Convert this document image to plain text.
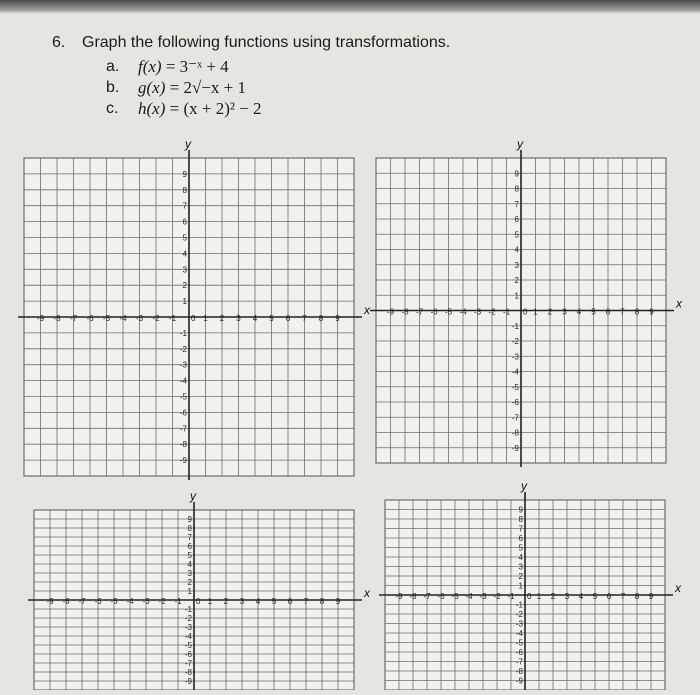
6.	Graph the following functions using transformations.
a.	f(x) = 3⁻ˣ + 4
b.	g(x) = 2√−x + 1
c.	h(x) = (x + 2)² − 2
x
y
-9
-9
-8
-8
-7
-7
-6
-6
-5
-5
-4
-4
-3
-3
-2
-2
-1
-1
1
1
2
2
3
3
4
4
5
5
6
6
7
7
8
8
9
9
0
x
y
-9
-9
-8
-8
-7
-7
-6
-6
-5
-5
-4
-4
-3
-3
-2
-2
-1
-1
1
1
2
2
3
3
4
4
5
5
6
6
7
7
8
8
9
9
0
x
y
-9
-9
-8
-8
-7
-7
-6
-6
-5
-5
-4
-4
-3
-3
-2
-2
-1
-1
1
1
2
2
3
3
4
4
5
5
6
6
7
7
8
8
9
9
0
x
y
-9
-9
-8
-8
-7
-7
-6
-6
-5
-5
-4
-4
-3
-3
-2
-2
-1
-1
1
1
2
2
3
3
4
4
5
5
6
6
7
7
8
8
9
9
0
